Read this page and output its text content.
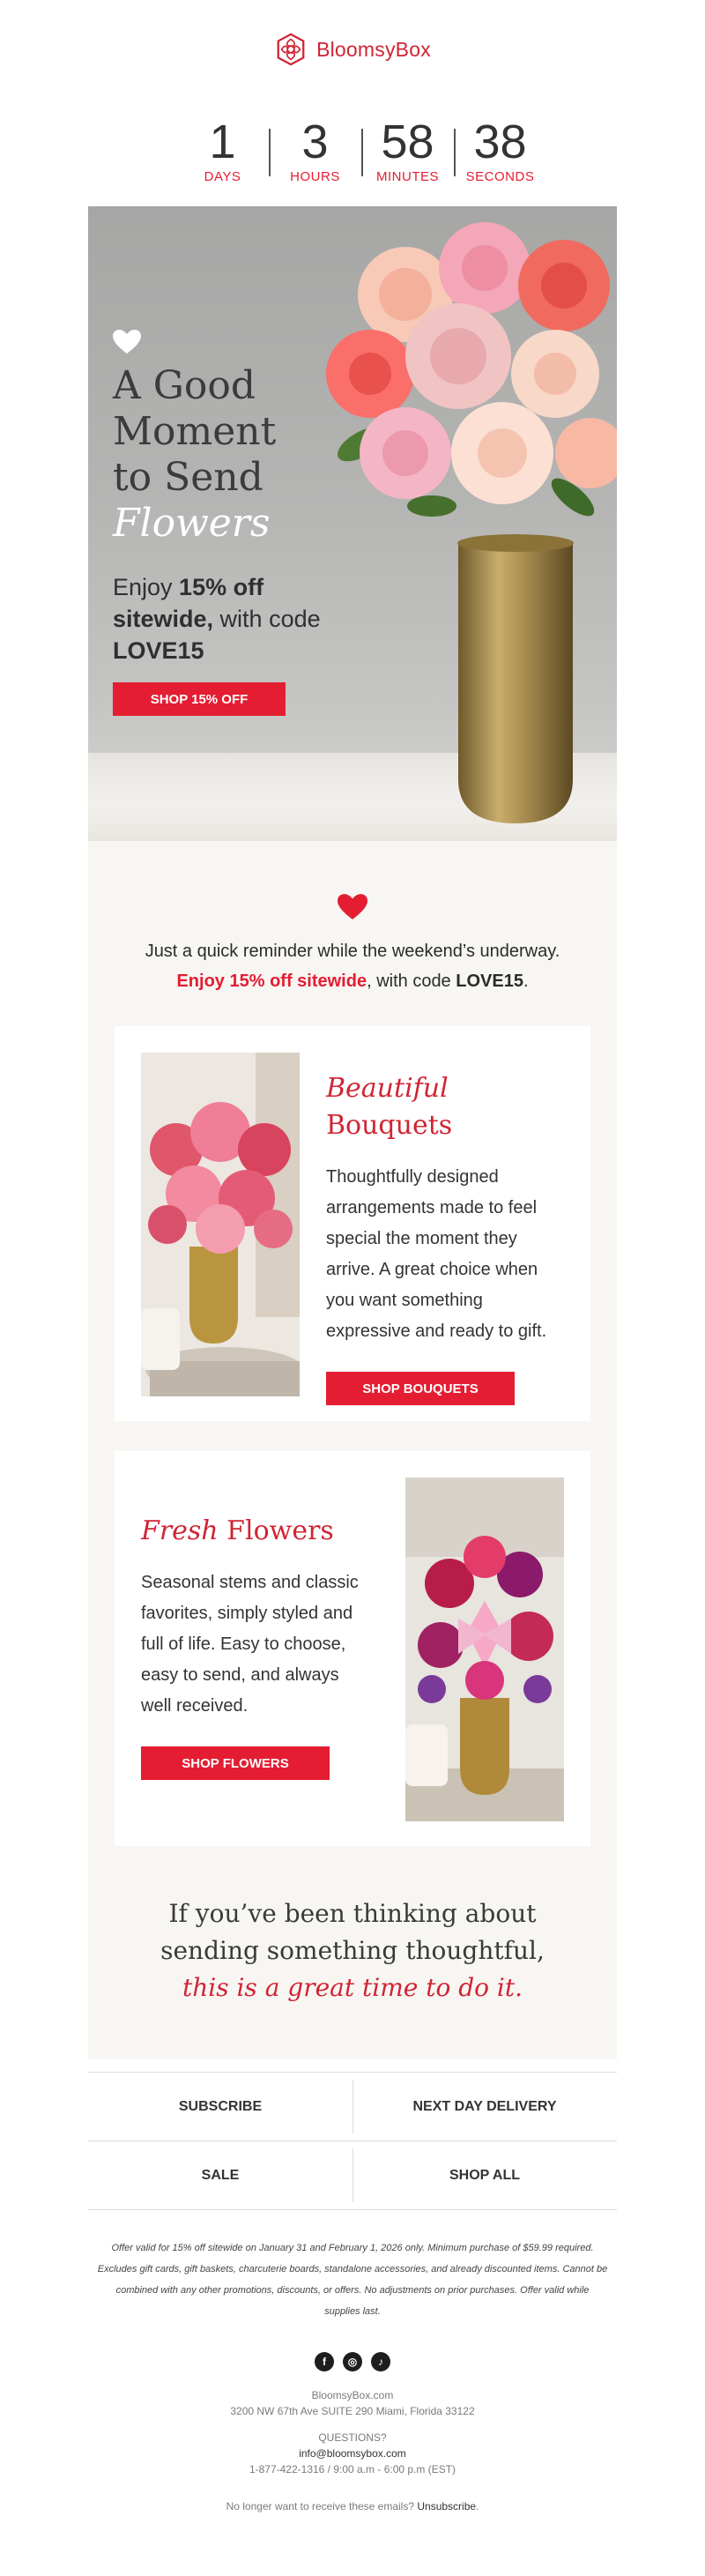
BloomsyBox
1
DAYS
3
HOURS
58
MINUTES
38
SECONDS
A Good
Moment
to Send
Flowers
Enjoy 15% off sitewide, with code LOVE15
SHOP 15% OFF
Just a quick reminder while the weekend’s underway.
Enjoy 15% off sitewide, with code LOVE15.
Beautiful Bouquets
Thoughtfully designed arrangements made to feel special the moment they arrive. A great choice when you want something expressive and ready to gift.
SHOP BOUQUETS
Fresh Flowers
Seasonal stems and classic favorites, simply styled and full of life. Easy to choose, easy to send, and always well received.
SHOP FLOWERS
If you’ve been thinking about
sending something thoughtful,
this is a great time to do it.
SUBSCRIBE	NEXT DAY DELIVERY
SALE	SHOP ALL
Offer valid for 15% off sitewide on January 31 and February 1, 2026 only. Minimum purchase of $59.99 required. Excludes gift cards, gift baskets, charcuterie boards, standalone accessories, and already discounted items. Cannot be combined with any other promotions, discounts, or offers. No adjustments on prior purchases. Offer valid while supplies last.
f	◎	♪
BloomsyBox.com
3200 NW 67th Ave SUITE 290 Miami, Florida 33122
QUESTIONS?
info@bloomsybox.com
1-877-422-1316 / 9:00 a.m - 6:00 p.m (EST)
No longer want to receive these emails? Unsubscribe.
